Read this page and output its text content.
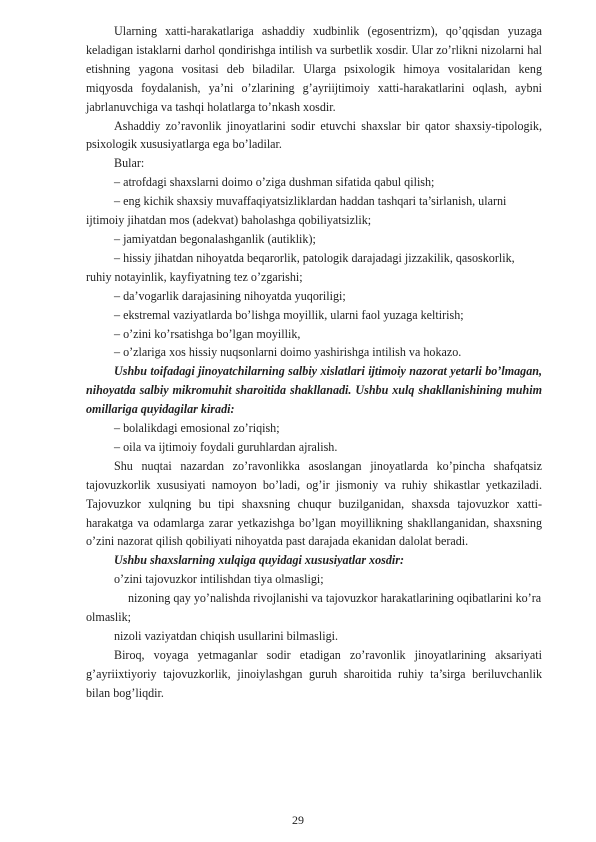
Ularning xatti-harakatlariga ashaddiy xudbinlik (egosentrizm), qo’qqisdan yuzaga keladigan istaklarni darhol qondirishga intilish va surbetlik xosdir. Ular zo’rlikni nizolarni hal etishning yagona vositasi deb biladilar. Ularga psixologik himoya vositalaridan keng miqyosda foydalanish, ya’ni o’zlarining g’ayriijtimoiy xatti-harakatlarini oqlash, aybni jabrlanuvchiga va tashqi holatlarga to’nkash xosdir.

Ashaddiy zo’ravonlik jinoyatlarini sodir etuvchi shaxslar bir qator shaxsiy-tipologik, psixologik xususiyatlarga ega bo’ladilar.

Bular:

– atrofdagi shaxslarni doimo o’ziga dushman sifatida qabul qilish;

– eng kichik shaxsiy muvaffaqiyatsizliklardan haddan tashqari ta’sirlanish, ularni ijtimoiy jihatdan mos (adekvat) baholashga qobiliyatsizlik;

– jamiyatdan begonalashganlik (autiklik);

– hissiy jihatdan nihoyatda beqarorlik, patologik darajadagi jizzakilik, qasoskorlik, ruhiy notayinlik, kayfiyatning tez o’zgarishi;

– da’vogarlik darajasining nihoyatda yuqoriligi;

– ekstremal vaziyatlarda bo’lishga moyillik, ularni faol yuzaga keltirish;

– o’zini ko’rsatishga bo’lgan moyillik,

– o’zlariga xos hissiy nuqsonlarni doimo yashirishga intilish va hokazo.

Ushbu toifadagi jinoyatchilarning salbiy xislatlari ijtimoiy nazorat yetarli bo’lmagan, nihoyatda salbiy mikromuhit sharoitida shakllanadi. Ushbu xulq shakllanishining muhim omillariga quyidagilar kiradi:

– bolalikdagi emosional zo’riqish;

– oila va ijtimoiy foydali guruhlardan ajralish.

Shu nuqtai nazardan zo’ravonlikka asoslangan jinoyatlarda ko’pincha shafqatsiz tajovuzkorlik xususiyati namoyon bo’ladi, og’ir jismoniy va ruhiy shikastlar yetkaziladi. Tajovuzkor xulqning bu tipi shaxsning chuqur buzilganidan, shaxsda tajovuzkor xatti-harakatga va odamlarga zarar yetkazishga bo’lgan moyillikning shakllanganidan, shaxsning o’zini nazorat qilish qobiliyati nihoyatda past darajada ekanidan dalolat beradi.

Ushbu shaxslarning xulqiga quyidagi xususiyatlar xosdir:

o’zini tajovuzkor intilishdan tiya olmasligi;

nizoning qay yo’nalishda rivojlanishi va tajovuzkor harakatlarining oqibatlarini ko’ra olmaslik;

nizoli vaziyatdan chiqish usullarini bilmasligi.

Biroq, voyaga yetmaganlar sodir etadigan zo’ravonlik jinoyatlarining aksariyati g’ayriixtiyoriy tajovuzkorlik, jinoiylashgan guruh sharoitida ruhiy ta’sirga beriluvchanlik bilan bog’liqdir.

29
